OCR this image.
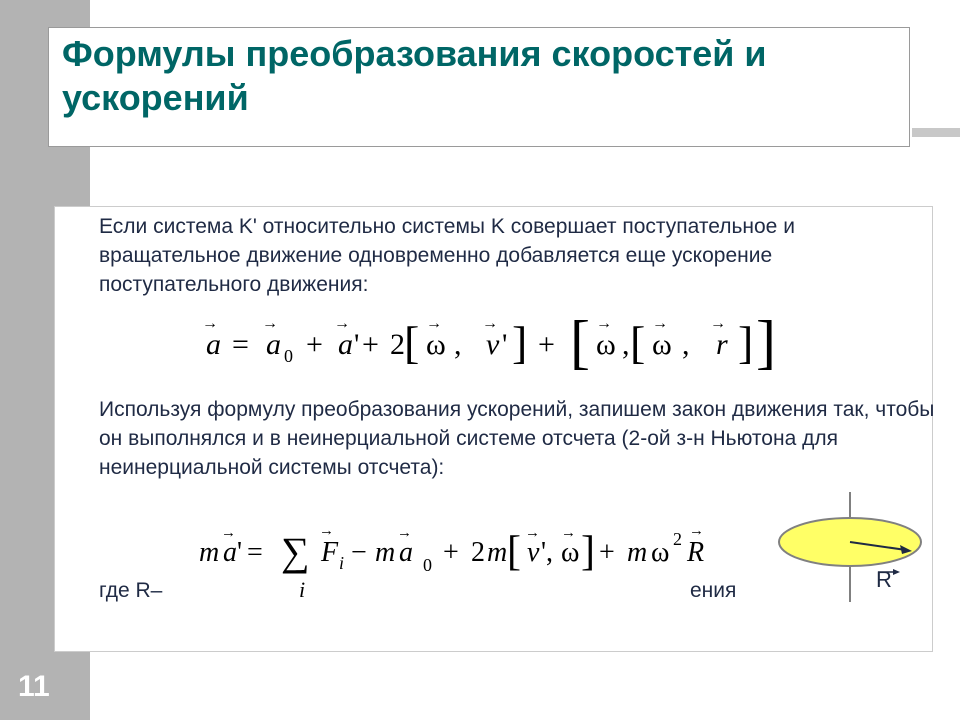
Формулы преобразования скоростей и ускорений

Если система K' относительно системы K совершает поступательное и вращательное движение одновременно добавляется еще ускорение поступательного движения:

a
→
= a
→
0 + a
→
' + 2 [ ω
→
, v
→
' ] + [ ω
→
, [ ω
→
, r
→ ] ]

Используя формулу преобразования ускорений, запишем закон движения так, чтобы он выполнялся и в неинерциальной системе отсчета (2-ой з-н Ньютона для неинерциальной системы отсчета):

m a
→
' = ∑
i
F
→
i − m a
→
0 + 2 m [ v
→
', ω
→ ] + m ω 2 R
→
где R–	ения	R
11
